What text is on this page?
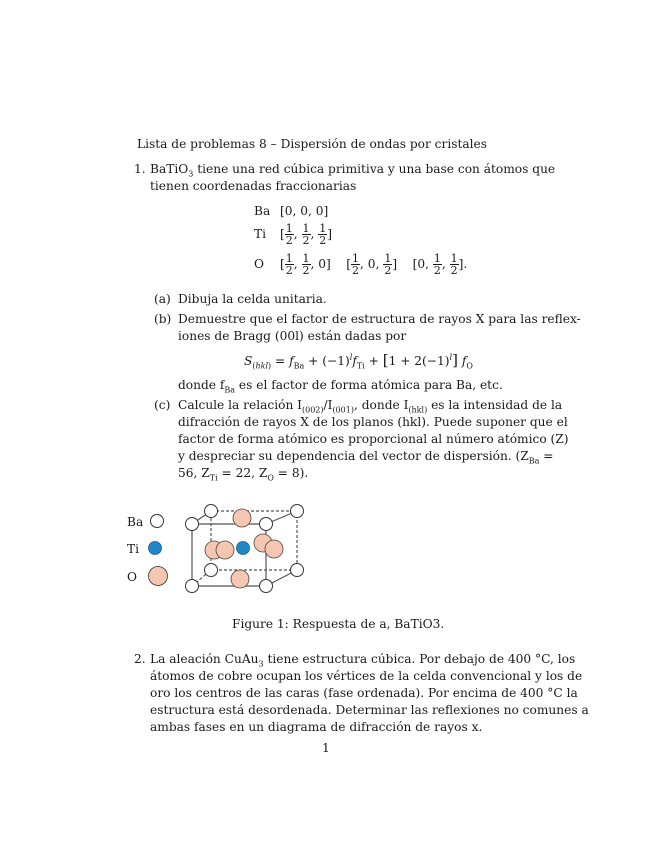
Lista de problemas 8 – Dispersión de ondas por cristales
1. BaTiO$_3$ tiene una red cúbica primitiva y una base con átomos que
tienen coordenadas fraccionarias
Ba [0, 0, 0]
Ti [ $\frac{1}{2}$ , $\frac{1}{2}$ , $\frac{1}{2}$ ]
O [ $\frac{1}{2}$ , $\frac{1}{2}$ , 0]    [ $\frac{1}{2}$ , 0, $\frac{1}{2}$ ]    [0, $\frac{1}{2}$ , $\frac{1}{2}$ ].
(a) Dibuja la celda unitaria.
(b) Demuestre que el factor de estructura de rayos X para las reflex-
iones de Bragg (00l) están dadas por
$S_{(hkl)} = f_{Ba} + (-1)^lf_{Ti} + [1 + 2(-1)^l]$ $f_O$
donde $f_{Ba}$ es el factor de forma atómica para Ba, etc.
(c) Calcule la relación $I_{(002)}/I_{(001)}$, donde $I_{(hkl)}$ es la intensidad de la
difracción de rayos X de los planos (hkl). Puede suponer que el
factor de forma atómico es proporcional al número atómico (Z)
y despreciar su dependencia del vector de dispersión. ($Z_{Ba}$ =
56, $Z_{Ti} = 22$, $Z_O = 8$).
Ba
Ti
O
Figure 1: Respuesta de a, BaTiO3.
2. La aleación CuAu$_3$ tiene estructura cúbica. Por debajo de 400 °C, los
átomos de cobre ocupan los vértices de la celda convencional y los de
oro los centros de las caras (fase ordenada). Por encima de 400 °C la
estructura está desordenada. Determinar las reflexiones no comunes a
ambas fases en un diagrama de difracción de rayos x.
1
